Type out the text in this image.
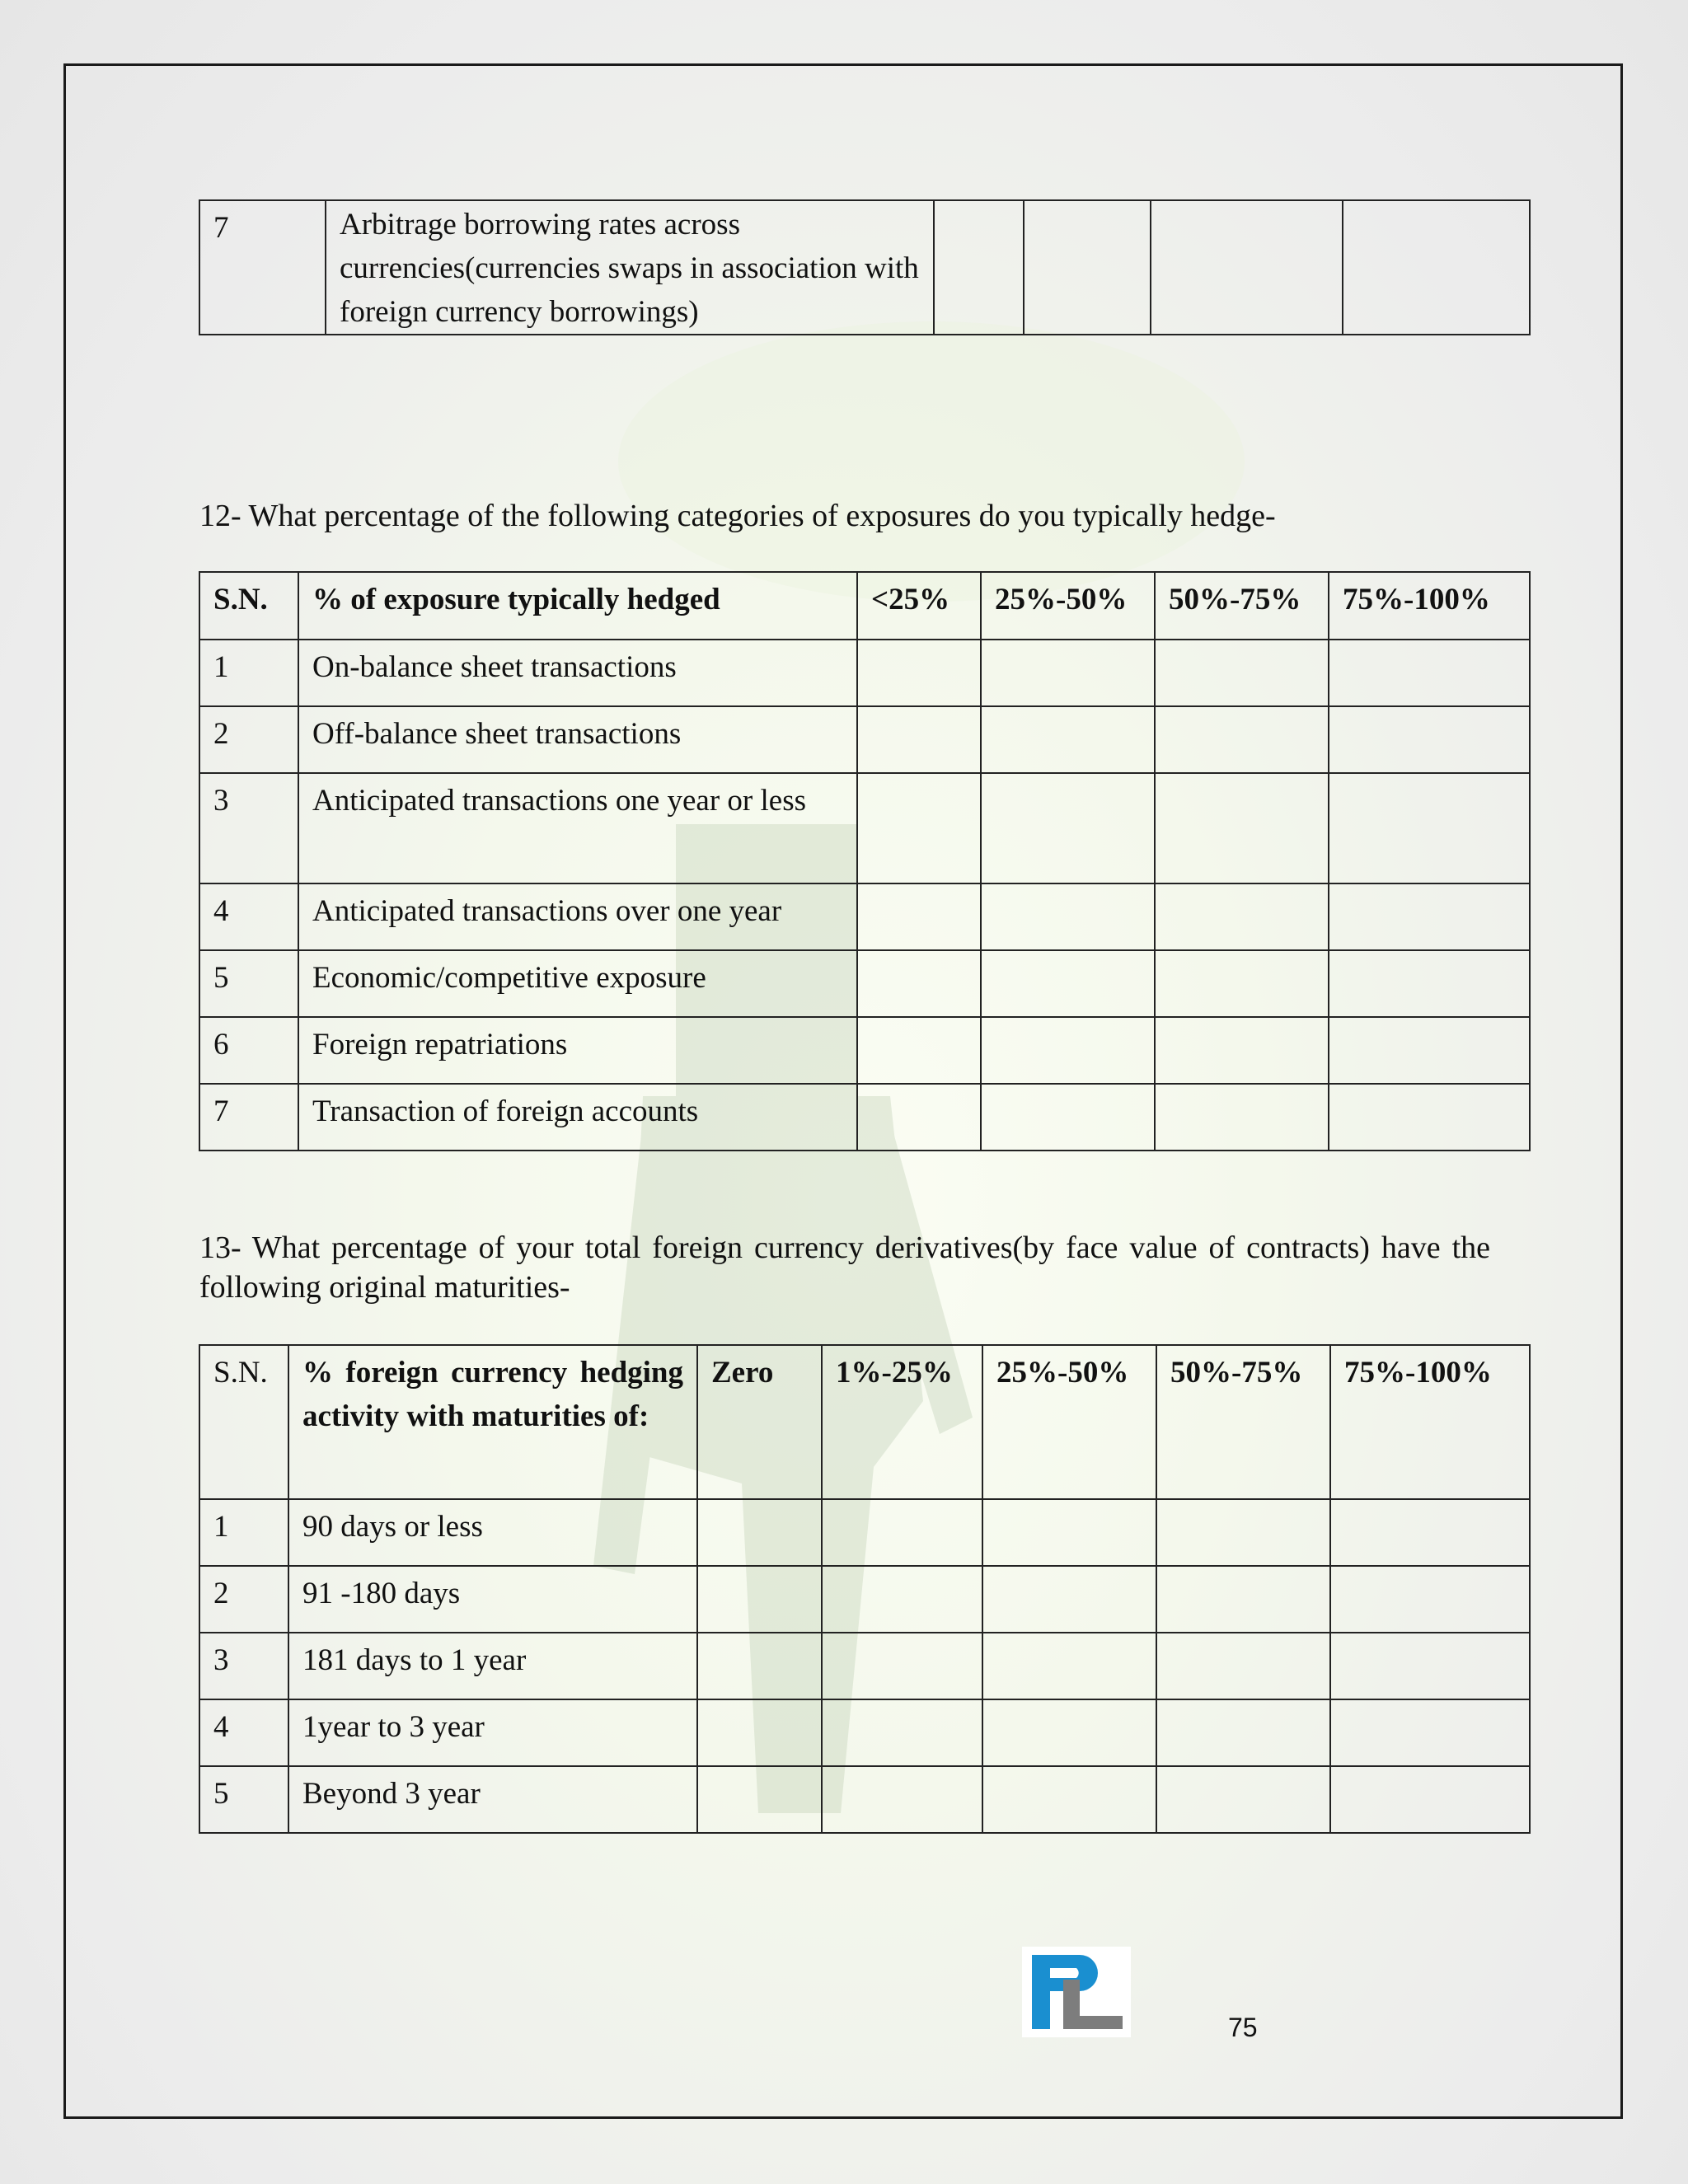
7	Arbitrage borrowing rates across currencies(currencies swaps in association with foreign currency borrowings)				
12- What percentage of the following categories of exposures do you typically hedge-
S.N.	% of exposure typically hedged	<25%	25%-50%	50%-75%	75%-100%
1	On-balance sheet transactions				
2	Off-balance sheet transactions				
3	Anticipated transactions one year or less				
4	Anticipated transactions over one year				
5	Economic/competitive exposure				
6	Foreign repatriations				
7	Transaction of foreign accounts				
13- What percentage of your total foreign currency derivatives(by face value of contracts) have the following original maturities-
S.N.	% foreign currency hedging activity with maturities of:	Zero	1%-25%	25%-50%	50%-75%	75%-100%
1	90 days or less					
2	91 -180 days					
3	181 days to 1 year					
4	1year to 3 year					
5	Beyond 3 year					
75
